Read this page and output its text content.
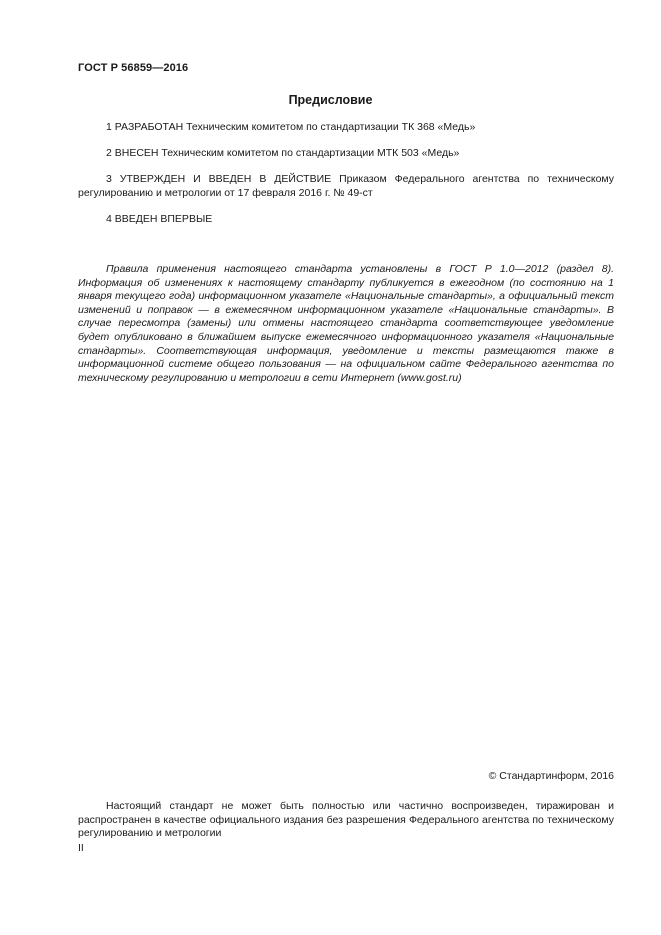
ГОСТ Р 56859—2016
Предисловие
1 РАЗРАБОТАН Техническим комитетом по стандартизации ТК 368 «Медь»
2 ВНЕСЕН Техническим комитетом по стандартизации МТК 503 «Медь»
3 УТВЕРЖДЕН И ВВЕДЕН В ДЕЙСТВИЕ Приказом Федерального агентства по техническому регулированию и метрологии от 17 февраля 2016 г. № 49-ст
4 ВВЕДЕН ВПЕРВЫЕ
Правила применения настоящего стандарта установлены в ГОСТ Р 1.0—2012 (раздел 8). Информация об изменениях к настоящему стандарту публикуется в ежегодном (по состоянию на 1 января текущего года) информационном указателе «Национальные стандарты», а официальный текст изменений и поправок — в ежемесячном информационном указателе «Национальные стандарты». В случае пересмотра (замены) или отмены настоящего стандарта соответствующее уведомление будет опубликовано в ближайшем выпуске ежемесячного информационного указателя «Национальные стандарты». Соответствующая информация, уведомление и тексты размещаются также в информационной системе общего пользования — на официальном сайте Федерального агентства по техническому регулированию и метрологии в сети Интернет (www.gost.ru)
© Стандартинформ, 2016
Настоящий стандарт не может быть полностью или частично воспроизведен, тиражирован и распространен в качестве официального издания без разрешения Федерального агентства по техническому регулированию и метрологии
II
